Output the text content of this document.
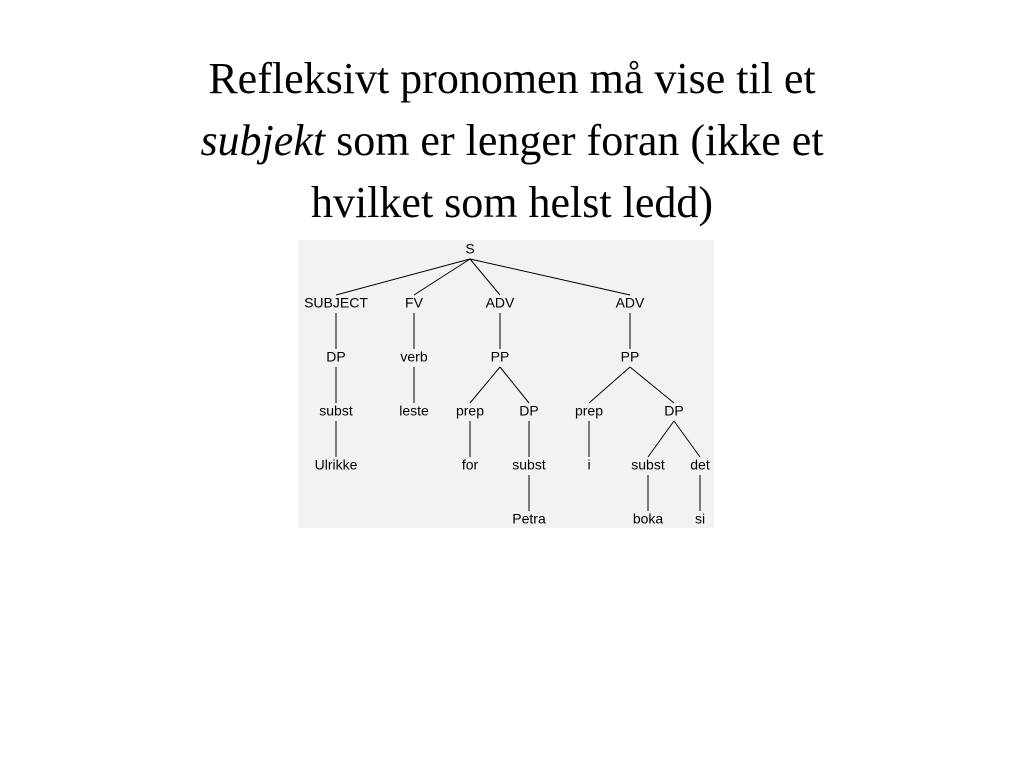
Refleksivt pronomen må vise til et
subjekt som er lenger foran (ikke et
hvilket som helst ledd)
S
SUBJECT	FV	ADV	ADV
DP	verb	PP	PP
subst	leste prep	DP	prep	DP
Ulrikke	for subst	i	subst det
Petra	boka si
